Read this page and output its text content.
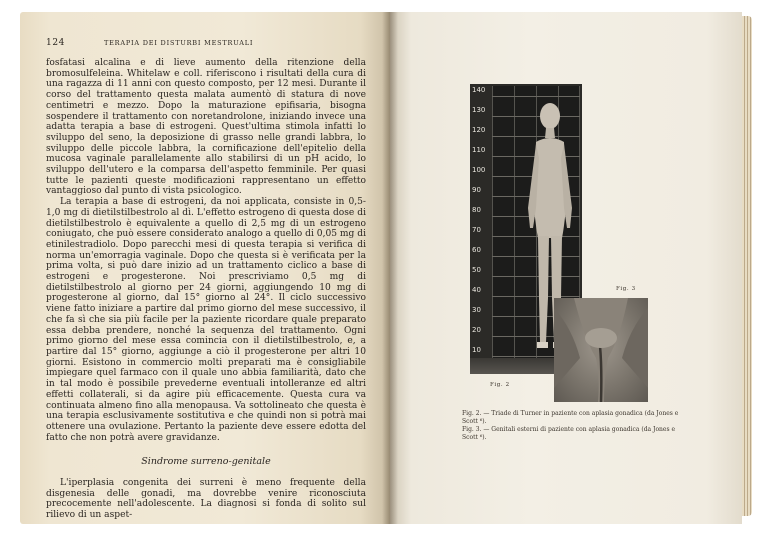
124	TERAPIA DEI DISTURBI MESTRUALI

fosfatasi alcalina e di lieve aumento della ritenzione della bromosulfeleina. Whitelaw e coll. riferiscono i risultati della cura di una ragazza di 11 anni con questo composto, per 12 mesi. Durante il corso del trattamento questa malata aumentò di statura di nove centimetri e mezzo. Dopo la maturazione epifisaria, bisogna sospendere il trattamento con noretandrolone, iniziando invece una adatta terapia a base di estrogeni. Quest'ultima stimola infatti lo sviluppo del seno, la deposizione di grasso nelle grandi labbra, lo sviluppo delle piccole labbra, la cornificazione dell'epitelio della mucosa vaginale parallelamente allo stabilirsi di un pH acido, lo sviluppo dell'utero e la comparsa dell'aspetto femminile. Per quasi tutte le pazienti queste modificazioni rappresentano un effetto vantaggioso dal punto di vista psicologico.

La terapia a base di estrogeni, da noi applicata, consiste in 0,5-1,0 mg di dietilstilbestrolo al dì. L'effetto estrogeno di questa dose di dietilstilbestrolo è equivalente a quello di 2,5 mg di un estrogeno coniugato, che può essere considerato analogo a quello di 0,05 mg di etinilestradiolo. Dopo parecchi mesi di questa terapia si verifica di norma un'emorragia vaginale. Dopo che questa si è verificata per la prima volta, si può dare inizio ad un trattamento ciclico a base di estrogeni e progesterone. Noi prescriviamo 0,5 mg di dietilstilbestrolo al giorno per 24 giorni, aggiungendo 10 mg di progesterone al giorno, dal 15° giorno al 24°. Il ciclo successivo viene fatto iniziare a partire dal primo giorno del mese successivo, il che fa sì che sia più facile per la paziente ricordare quale preparato essa debba prendere, nonché la sequenza del trattamento. Ogni primo giorno del mese essa comincia con il dietilstilbestrolo, e, a partire dal 15° giorno, aggiunge a ciò il progesterone per altri 10 giorni. Esistono in commercio molti preparati ma è consigliabile impiegare quel farmaco con il quale uno abbia familiarità, dato che in tal modo è possibile prevederne eventuali intolleranze ed altri effetti collaterali, si da agire più efficacemente. Questa cura va continuata almeno fino alla menopausa. Va sottolineato che questa è una terapia esclusivamente sostitutiva e che quindi non si potrà mai ottenere una ovulazione. Pertanto la paziente deve essere edotta del fatto che non potrà avere gravidanze.

Sindrome surreno-genitale

L'iperplasia congenita dei surreni è meno frequente della disgenesia delle gonadi, ma dovrebbe venire riconosciuta precocemente nell'adolescente. La diagnosi si fonda di solito sul rilievo di un aspet-

140
130
120
110
100
90
80
70
60
50
40
30
20
10
Fig. 2
Fig. 3
Fig. 2. — Triade di Turner in paziente con aplasia gonadica (da Jones e Scott ⁶).
Fig. 3. — Genitali esterni di paziente con aplasia gonadica (da Jones e Scott ⁶).
